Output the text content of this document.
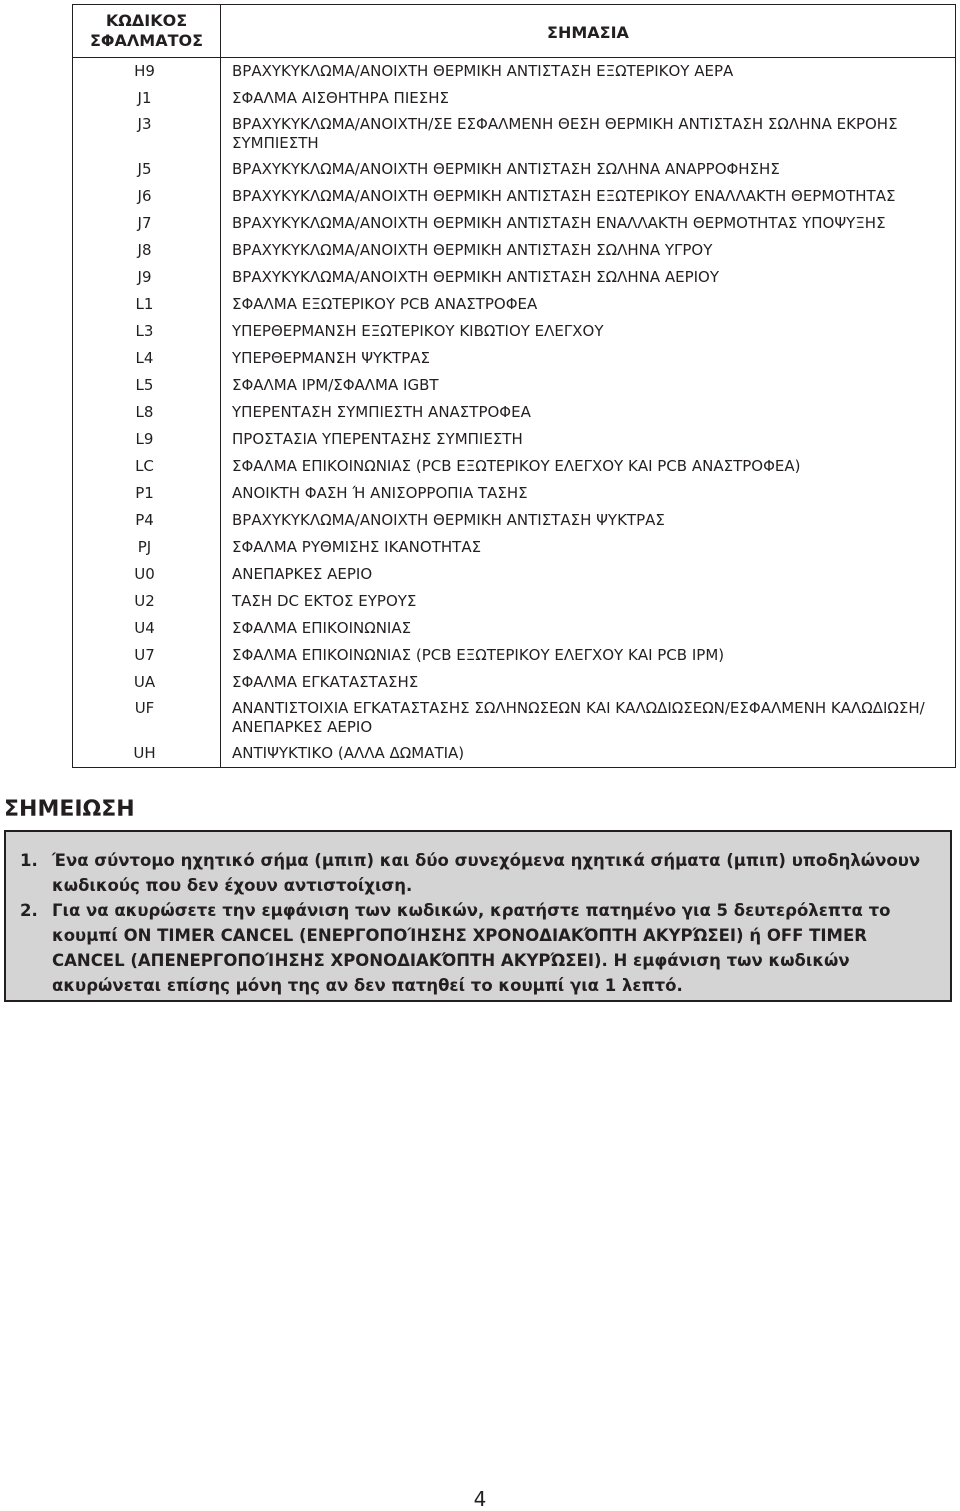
ΚΩΔΙΚΟΣ ΣΦΑΛΜΑΤΟΣ	ΣΗΜΑΣΙΑ
H9	ΒΡΑΧΥΚΥΚΛΩΜΑ/ΑΝΟΙΧΤΗ ΘΕΡΜΙΚΗ ΑΝΤΙΣΤΑΣΗ ΕΞΩΤΕΡΙΚΟΥ ΑΕΡΑ
J1	ΣΦΑΛΜΑ ΑΙΣΘΗΤΗΡΑ ΠΙΕΣΗΣ
J3	ΒΡΑΧΥΚΥΚΛΩΜΑ/ΑΝΟΙΧΤΗ/ΣΕ ΕΣΦΑΛΜΕΝΗ ΘΕΣΗ ΘΕΡΜΙΚΗ ΑΝΤΙΣΤΑΣΗ ΣΩΛΗΝΑ ΕΚΡΟΗΣ ΣΥΜΠΙΕΣΤΗ
J5	ΒΡΑΧΥΚΥΚΛΩΜΑ/ΑΝΟΙΧΤΗ ΘΕΡΜΙΚΗ ΑΝΤΙΣΤΑΣΗ ΣΩΛΗΝΑ ΑΝΑΡΡΟΦΗΣΗΣ
J6	ΒΡΑΧΥΚΥΚΛΩΜΑ/ΑΝΟΙΧΤΗ ΘΕΡΜΙΚΗ ΑΝΤΙΣΤΑΣΗ ΕΞΩΤΕΡΙΚΟΥ ΕΝΑΛΛΑΚΤΗ ΘΕΡΜΟΤΗΤΑΣ
J7	ΒΡΑΧΥΚΥΚΛΩΜΑ/ΑΝΟΙΧΤΗ ΘΕΡΜΙΚΗ ΑΝΤΙΣΤΑΣΗ ΕΝΑΛΛΑΚΤΗ ΘΕΡΜΟΤΗΤΑΣ ΥΠΟΨΥΞΗΣ
J8	ΒΡΑΧΥΚΥΚΛΩΜΑ/ΑΝΟΙΧΤΗ ΘΕΡΜΙΚΗ ΑΝΤΙΣΤΑΣΗ ΣΩΛΗΝΑ ΥΓΡΟΥ
J9	ΒΡΑΧΥΚΥΚΛΩΜΑ/ΑΝΟΙΧΤΗ ΘΕΡΜΙΚΗ ΑΝΤΙΣΤΑΣΗ ΣΩΛΗΝΑ ΑΕΡΙΟΥ
L1	ΣΦΑΛΜΑ ΕΞΩΤΕΡΙΚΟΥ PCB ΑΝΑΣΤΡΟΦΕΑ
L3	ΥΠΕΡΘΕΡΜΑΝΣΗ ΕΞΩΤΕΡΙΚΟΥ ΚΙΒΩΤΙΟΥ ΕΛΕΓΧΟΥ
L4	ΥΠΕΡΘΕΡΜΑΝΣΗ ΨΥΚΤΡΑΣ
L5	ΣΦΑΛΜΑ IPM/ΣΦΑΛΜΑ IGBT
L8	ΥΠΕΡΕΝΤΑΣΗ ΣΥΜΠΙΕΣΤΗ ΑΝΑΣΤΡΟΦΕΑ
L9	ΠΡΟΣΤΑΣΙΑ ΥΠΕΡΕΝΤΑΣΗΣ ΣΥΜΠΙΕΣΤΗ
LC	ΣΦΑΛΜΑ ΕΠΙΚΟΙΝΩΝΙΑΣ (PCB ΕΞΩΤΕΡΙΚΟΥ ΕΛΕΓΧΟΥ ΚΑΙ PCB ΑΝΑΣΤΡΟΦΕΑ)
P1	ΑΝΟΙΚΤΗ ΦΑΣΗ Ή ΑΝΙΣΟΡΡΟΠΙΑ ΤΑΣΗΣ
P4	ΒΡΑΧΥΚΥΚΛΩΜΑ/ΑΝΟΙΧΤΗ ΘΕΡΜΙΚΗ ΑΝΤΙΣΤΑΣΗ ΨΥΚΤΡΑΣ
PJ	ΣΦΑΛΜΑ ΡΥΘΜΙΣΗΣ ΙΚΑΝΟΤΗΤΑΣ
U0	ΑΝΕΠΑΡΚΕΣ ΑΕΡΙΟ
U2	ΤΑΣΗ DC ΕΚΤΟΣ ΕΥΡΟΥΣ
U4	ΣΦΑΛΜΑ ΕΠΙΚΟΙΝΩΝΙΑΣ
U7	ΣΦΑΛΜΑ ΕΠΙΚΟΙΝΩΝΙΑΣ (PCB ΕΞΩΤΕΡΙΚΟΥ ΕΛΕΓΧΟΥ ΚΑΙ PCB IPM)
UA	ΣΦΑΛΜΑ ΕΓΚΑΤΑΣΤΑΣΗΣ
UF	ΑΝΑΝΤΙΣΤΟΙΧΙΑ ΕΓΚΑΤΑΣΤΑΣΗΣ ΣΩΛΗΝΩΣΕΩΝ ΚΑΙ ΚΑΛΩΔΙΩΣΕΩΝ/ΕΣΦΑΛΜΕΝΗ ΚΑΛΩΔΙΩΣΗ/ ΑΝΕΠΑΡΚΕΣ ΑΕΡΙΟ
UH	ΑΝΤΙΨΥΚΤΙΚΟ (ΑΛΛΑ ΔΩΜΑΤΙΑ)
ΣΗΜΕΙΩΣΗ
1. Ένα σύντομο ηχητικό σήμα (μπιπ) και δύο συνεχόμενα ηχητικά σήματα (μπιπ) υποδηλώνουν κωδικούς που δεν έχουν αντιστοίχιση.
2. Για να ακυρώσετε την εμφάνιση των κωδικών, κρατήστε πατημένο για 5 δευτερόλεπτα το κουμπί ON TIMER CANCEL (ΕΝΕΡΓΟΠΟΊΗΣΗΣ ΧΡΟΝΟΔΙΑΚΌΠΤΗ ΑΚΥΡΏΣΕΙ) ή OFF TIMER CANCEL (ΑΠΕΝΕΡΓΟΠΟΊΗΣΗΣ ΧΡΟΝΟΔΙΑΚΌΠΤΗ ΑΚΥΡΏΣΕΙ). Η εμφάνιση των κωδικών ακυρώνεται επίσης μόνη της αν δεν πατηθεί το κουμπί για 1 λεπτό.
4
